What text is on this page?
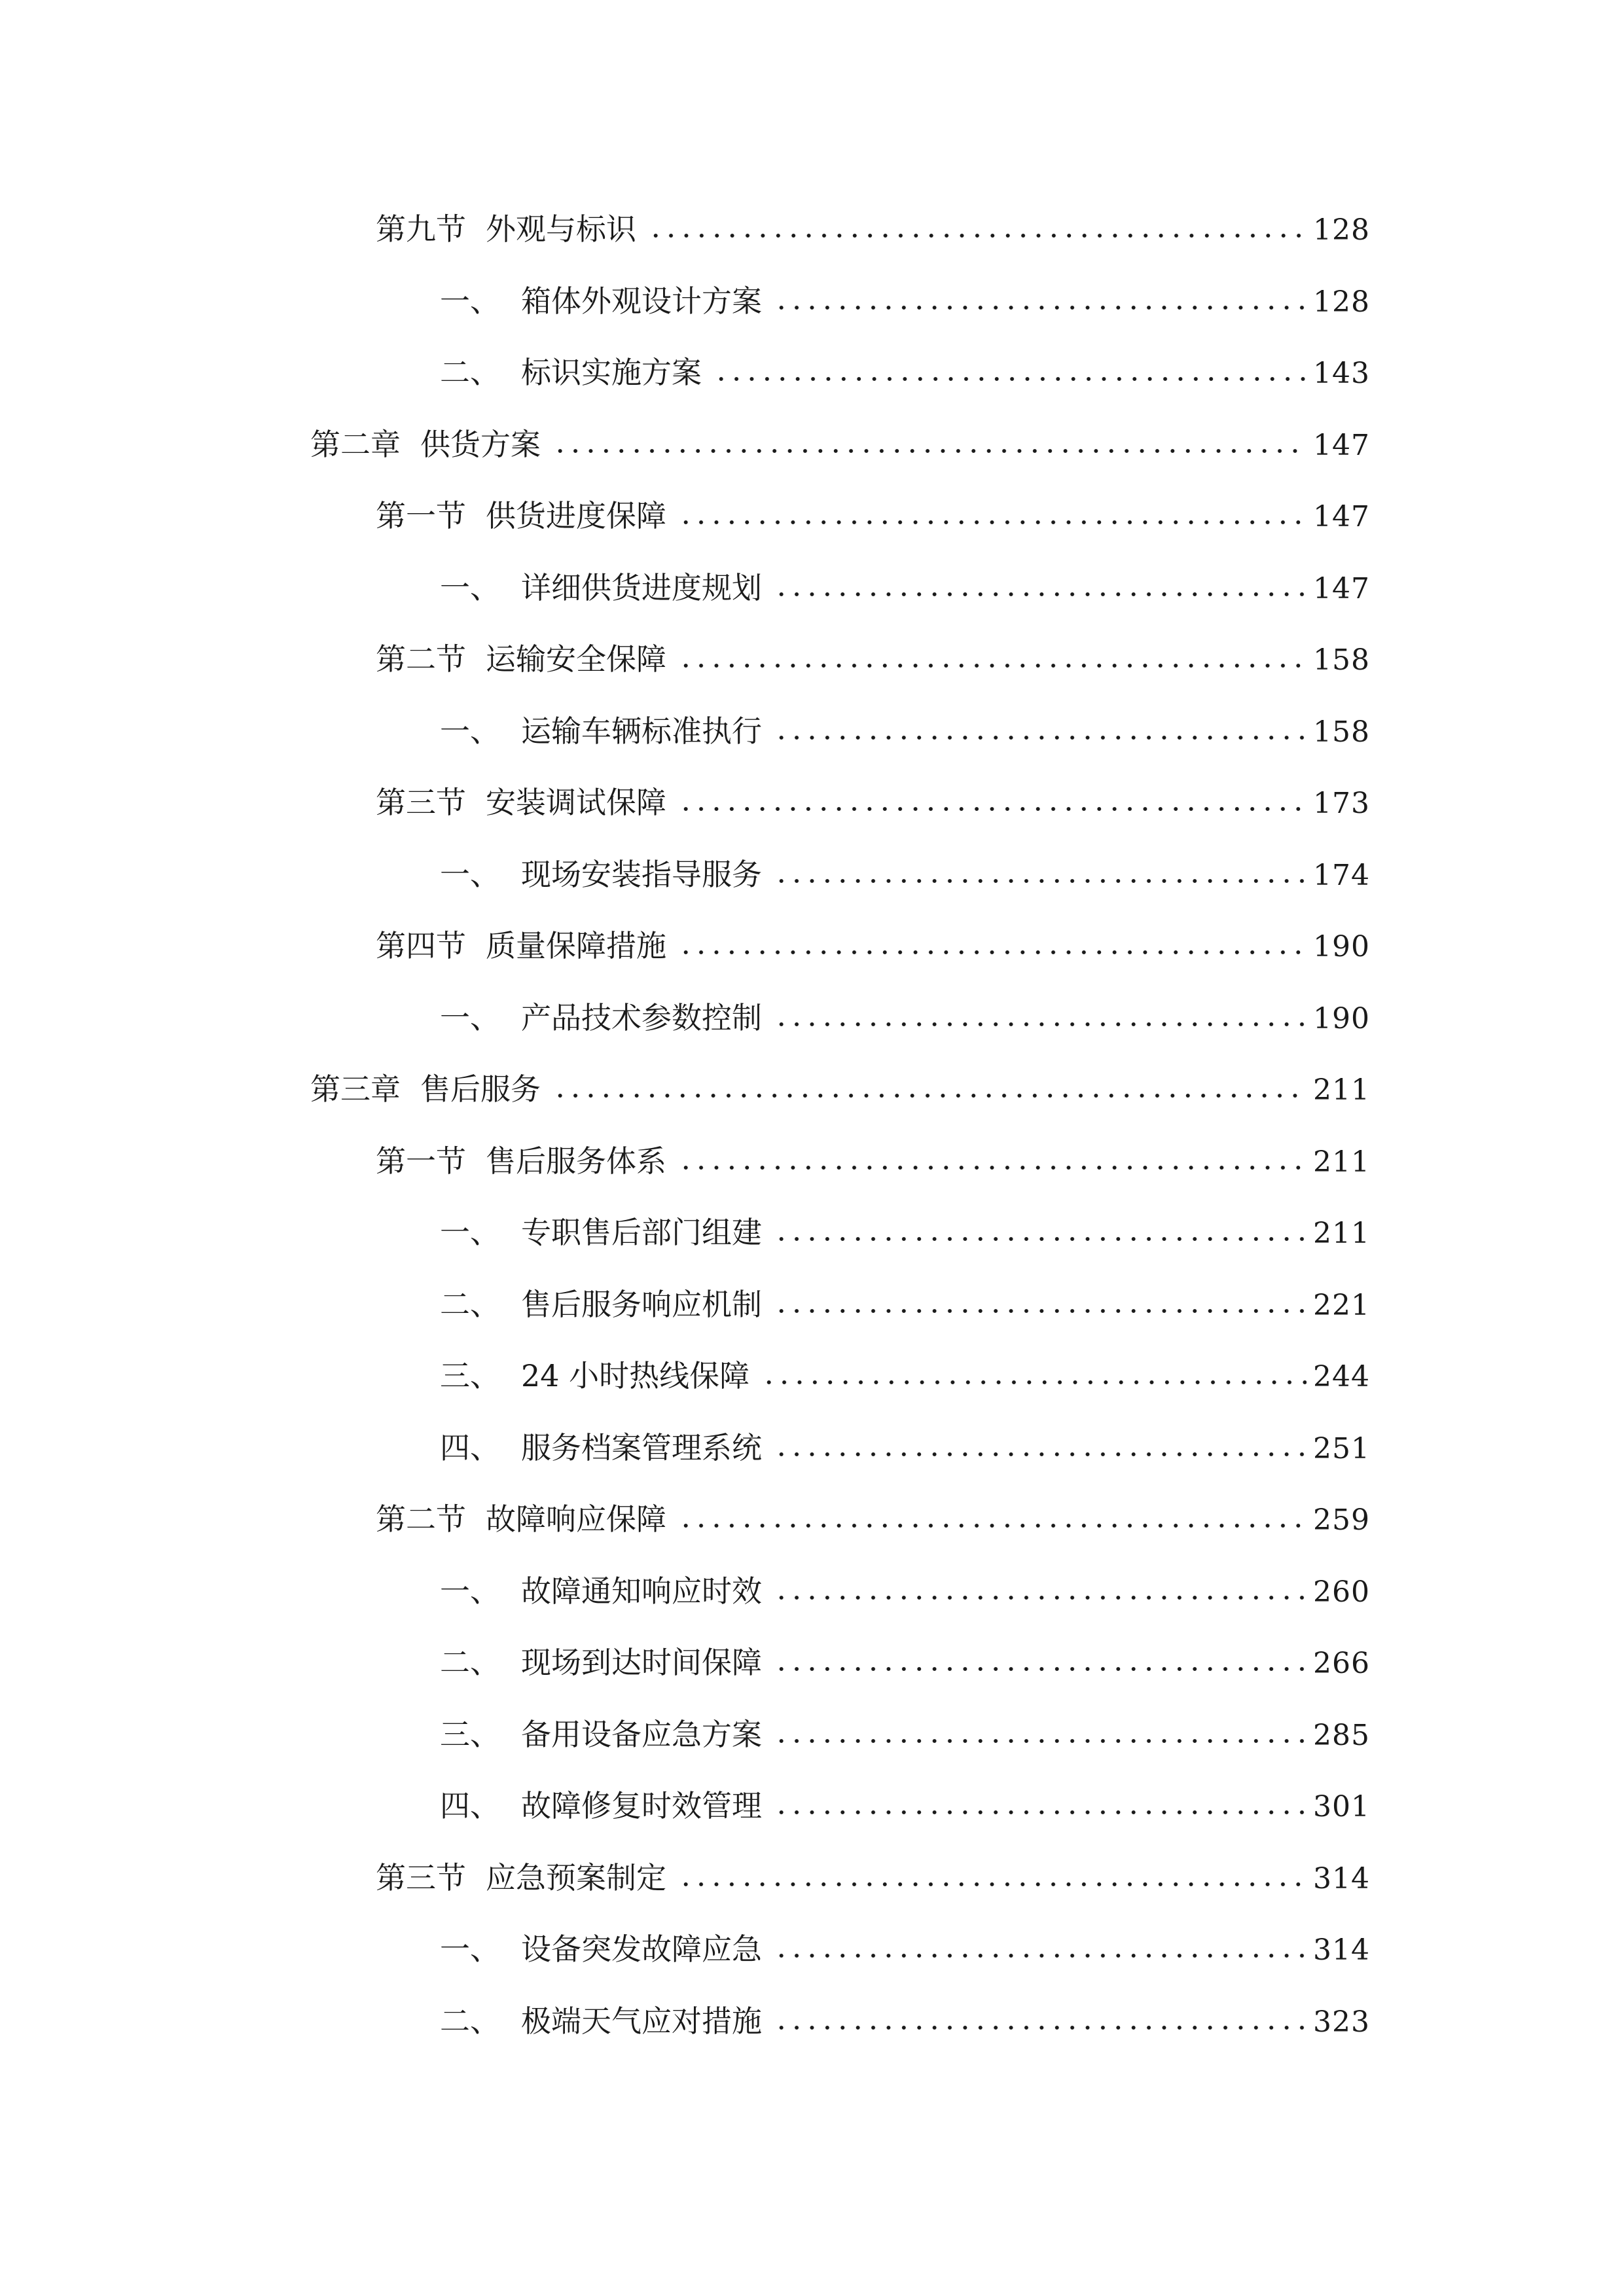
第九节 外观与标识	128
一、 箱体外观设计方案	128
二、 标识实施方案	143
第二章 供货方案	147
第一节 供货进度保障	147
一、 详细供货进度规划	147
第二节 运输安全保障	158
一、 运输车辆标准执行	158
第三节 安装调试保障	173
一、 现场安装指导服务	174
第四节 质量保障措施	190
一、 产品技术参数控制	190
第三章 售后服务	211
第一节 售后服务体系	211
一、 专职售后部门组建	211
二、 售后服务响应机制	221
三、 24 小时热线保障	244
四、 服务档案管理系统	251
第二节 故障响应保障	259
一、 故障通知响应时效	260
二、 现场到达时间保障	266
三、 备用设备应急方案	285
四、 故障修复时效管理	301
第三节 应急预案制定	314
一、 设备突发故障应急	314
二、 极端天气应对措施	323
